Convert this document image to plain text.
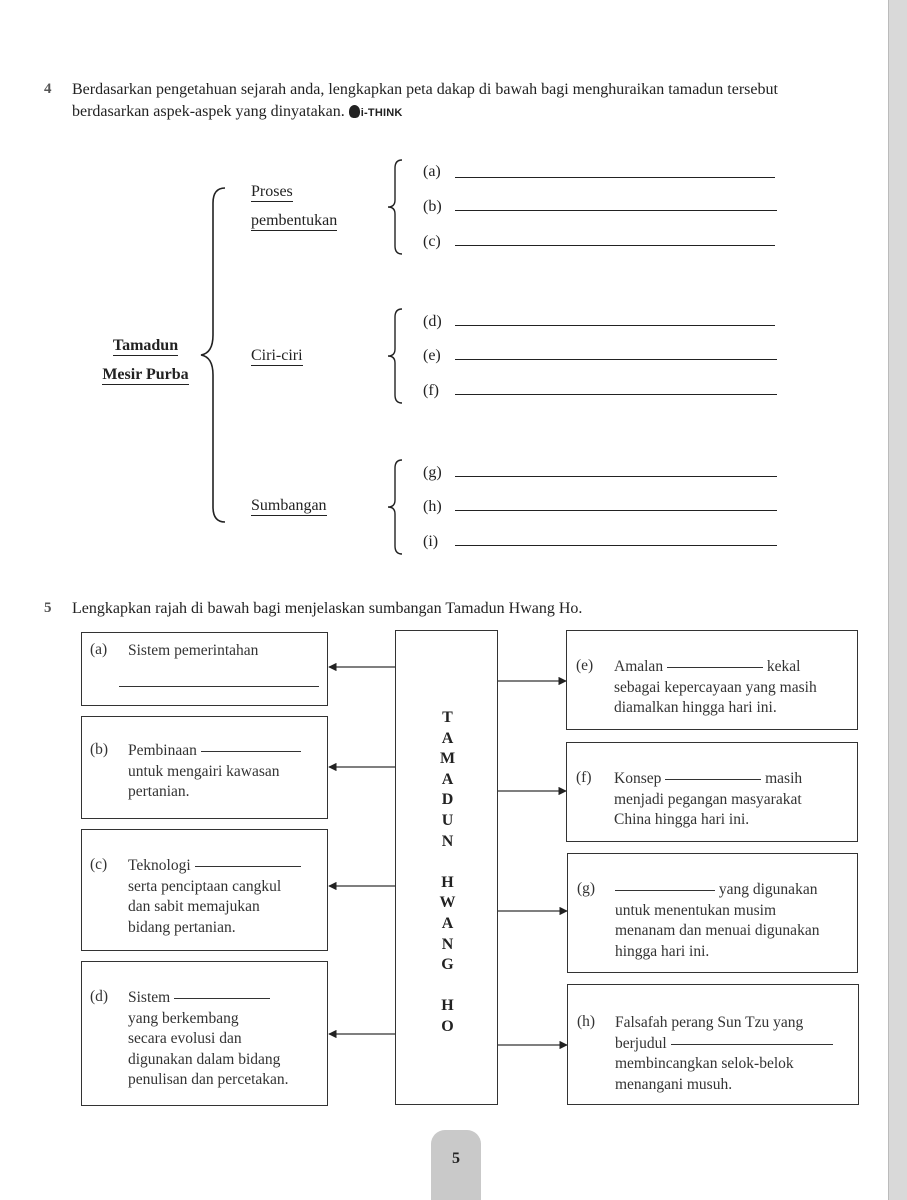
4 Berdasarkan pengetahuan sejarah anda, lengkapkan peta dakap di bawah bagi menghuraikan tamadun tersebut
berdasarkan aspek-aspek yang dinyatakan. i-THINK
Tamadun
Mesir Purba
Proses
pembentukan
(a)
(b)
(c)
Ciri-ciri
(d)
(e)
(f)
Sumbangan
(g)
(h)
(i)
5 Lengkapkan rajah di bawah bagi menjelaskan sumbangan Tamadun Hwang Ho.
T
A
M
A
D
U
N
H
W
A
N
G
H
O
(a) Sistem pemerintahan
(b) Pembinaan
untuk mengairi kawasan
pertanian.
(c) Teknologi
serta penciptaan cangkul
dan sabit memajukan
bidang pertanian.
(d) Sistem
yang berkembang
secara evolusi dan
digunakan dalam bidang
penulisan dan percetakan.
(e) Amalan	kekal
sebagai kepercayaan yang masih
diamalkan hingga hari ini.
(f) Konsep	masih
menjadi pegangan masyarakat
China hingga hari ini.
(g)	yang digunakan
untuk menentukan musim
menanam dan menuai digunakan
hingga hari ini.
(h) Falsafah perang Sun Tzu yang
berjudul
membincangkan selok-belok
menangani musuh.
5
